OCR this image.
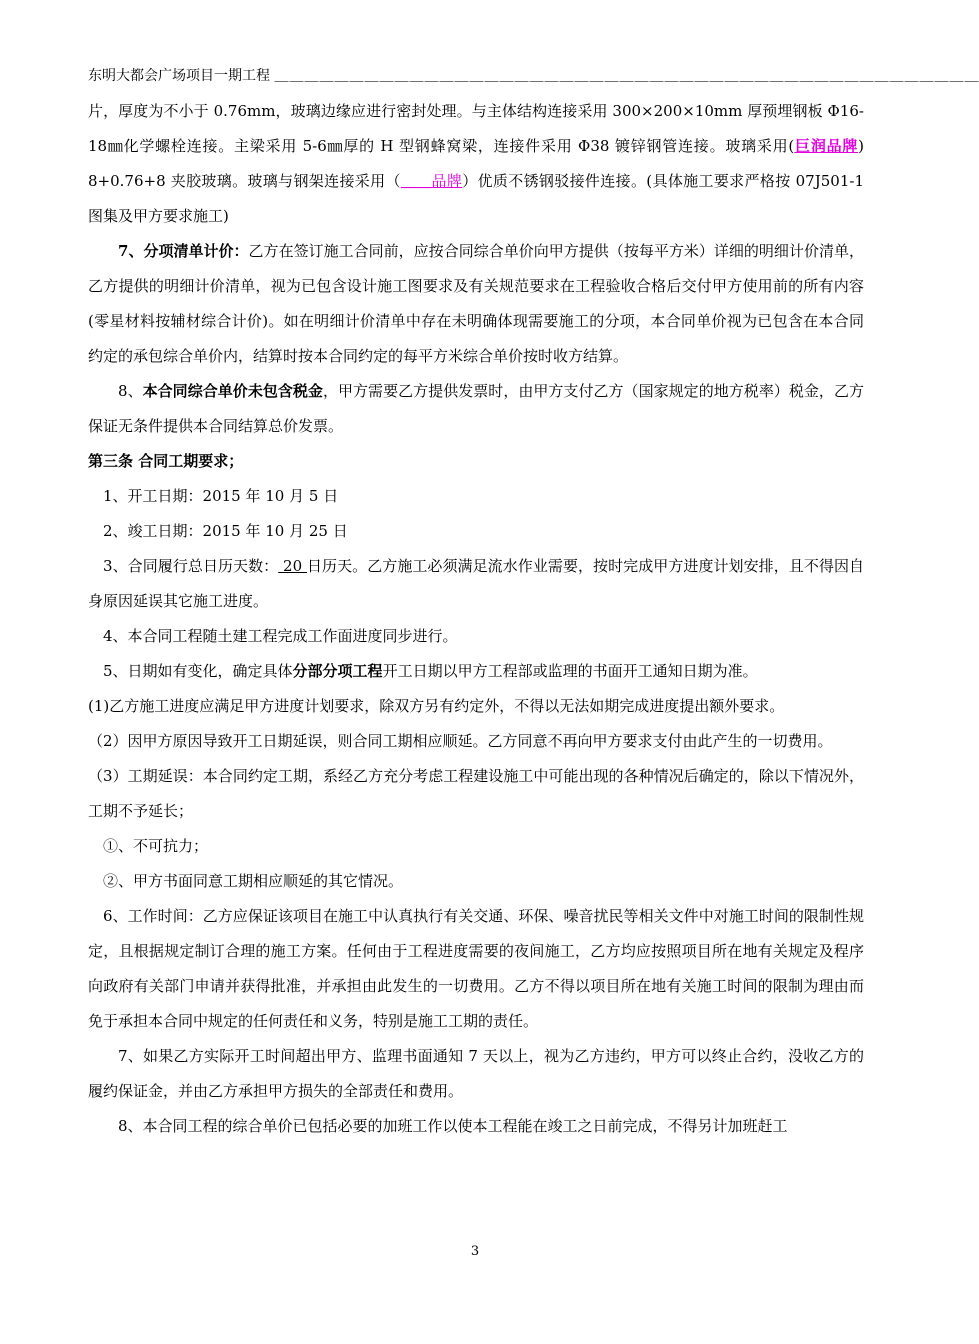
东明大都会广场项目一期工程 ＿＿＿＿＿＿＿＿＿＿＿＿＿＿＿＿＿＿＿＿＿＿＿＿＿＿＿＿＿＿＿＿＿＿＿＿＿＿＿＿＿＿＿＿＿＿＿

片，厚度为不小于 0.76mm，玻璃边缘应进行密封处理。与主体结构连接采用 300×200×10mm 厚预埋钢板 Φ16-18㎜化学螺栓连接。主梁采用 5-6㎜厚的 H 型钢蜂窝梁，连接件采用 Φ38 镀锌钢管连接。玻璃采用(巨润品牌) 8+0.76+8 夹胶玻璃。玻璃与钢架连接采用（＿＿品牌）优质不锈钢驳接件连接。(具体施工要求严格按 07J501-1 图集及甲方要求施工)

7、分项清单计价：乙方在签订施工合同前，应按合同综合单价向甲方提供（按每平方米）详细的明细计价清单，乙方提供的明细计价清单，视为已包含设计施工图要求及有关规范要求在工程验收合格后交付甲方使用前的所有内容(零星材料按辅材综合计价)。如在明细计价清单中存在未明确体现需要施工的分项，本合同单价视为已包含在本合同约定的承包综合单价内，结算时按本合同约定的每平方米综合单价按时收方结算。

8、本合同综合单价未包含税金，甲方需要乙方提供发票时，由甲方支付乙方（国家规定的地方税率）税金，乙方保证无条件提供本合同结算总价发票。

第三条 合同工期要求；

1、开工日期：2015 年 10 月 5 日

2、竣工日期：2015 年 10 月 25 日

3、合同履行总日历天数： 20 日历天。乙方施工必须满足流水作业需要，按时完成甲方进度计划安排，且不得因自身原因延误其它施工进度。

4、本合同工程随土建工程完成工作面进度同步进行。

5、日期如有变化，确定具体分部分项工程开工日期以甲方工程部或监理的书面开工通知日期为准。

(1)乙方施工进度应满足甲方进度计划要求，除双方另有约定外，不得以无法如期完成进度提出额外要求。

（2）因甲方原因导致开工日期延误，则合同工期相应顺延。乙方同意不再向甲方要求支付由此产生的一切费用。

（3）工期延误：本合同约定工期，系经乙方充分考虑工程建设施工中可能出现的各种情况后确定的，除以下情况外，工期不予延长；

①、不可抗力；

②、甲方书面同意工期相应顺延的其它情况。

6、工作时间：乙方应保证该项目在施工中认真执行有关交通、环保、噪音扰民等相关文件中对施工时间的限制性规定，且根据规定制订合理的施工方案。任何由于工程进度需要的夜间施工，乙方均应按照项目所在地有关规定及程序向政府有关部门申请并获得批准，并承担由此发生的一切费用。乙方不得以项目所在地有关施工时间的限制为理由而免于承担本合同中规定的任何责任和义务，特别是施工工期的责任。

7、如果乙方实际开工时间超出甲方、监理书面通知 7 天以上，视为乙方违约，甲方可以终止合约，没收乙方的履约保证金，并由乙方承担甲方损失的全部责任和费用。

8、本合同工程的综合单价已包括必要的加班工作以使本工程能在竣工之日前完成，不得另计加班赶工

3
